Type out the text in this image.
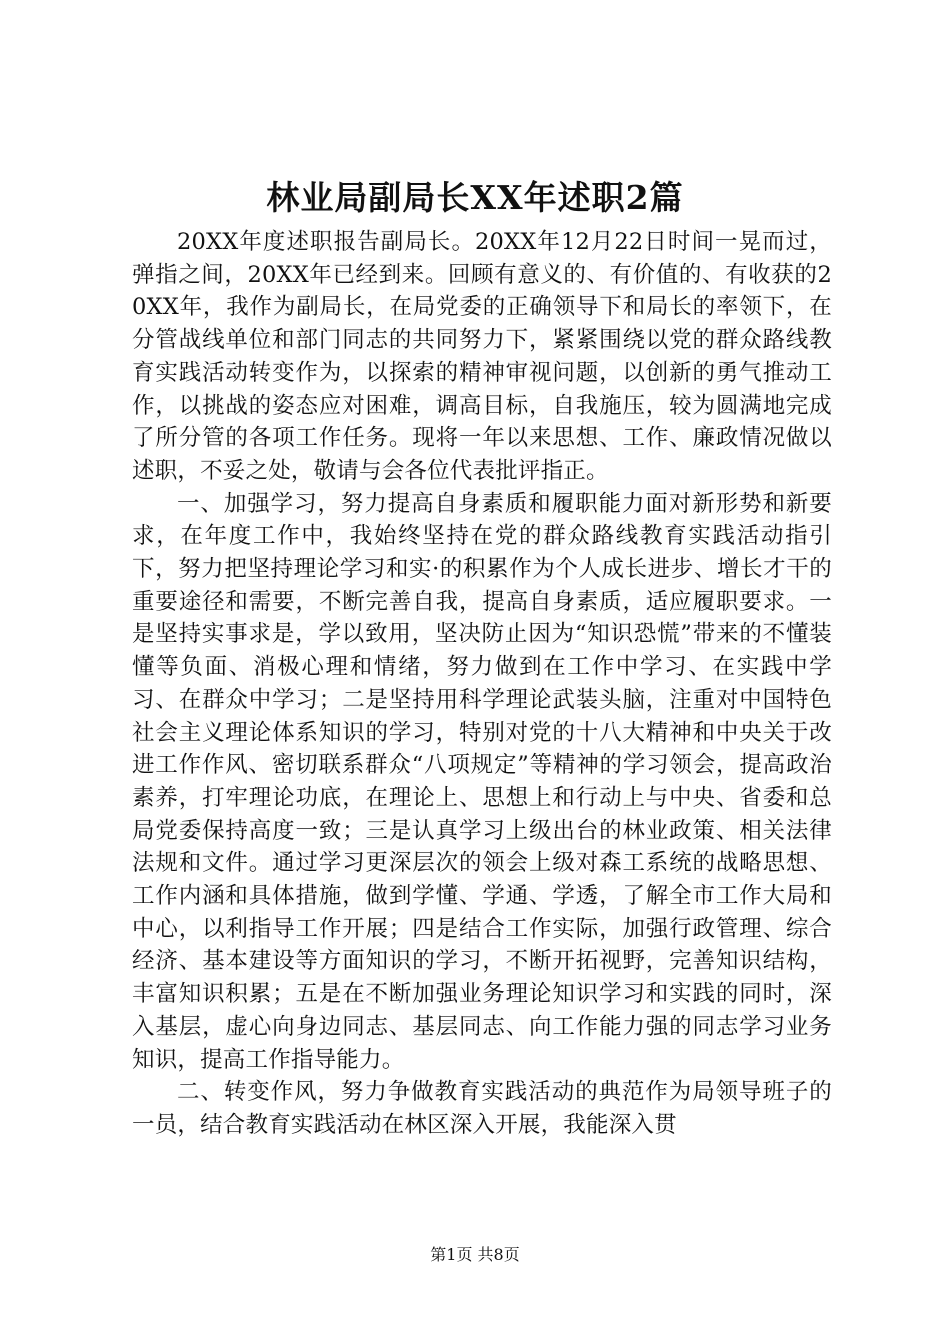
林业局副局长XX年述职2篇

20XX年度述职报告副局长。20XX年12月22日时间一晃而过，弹指之间，20XX年已经到来。回顾有意义的、有价值的、有收获的20XX年，我作为副局长，在局党委的正确领导下和局长的率领下，在分管战线单位和部门同志的共同努力下，紧紧围绕以党的群众路线教育实践活动转变作为，以探索的精神审视问题，以创新的勇气推动工作，以挑战的姿态应对困难，调高目标，自我施压，较为圆满地完成了所分管的各项工作任务。现将一年以来思想、工作、廉政情况做以述职，不妥之处，敬请与会各位代表批评指正。

一、加强学习，努力提高自身素质和履职能力面对新形势和新要求，在年度工作中，我始终坚持在党的群众路线教育实践活动指引下，努力把坚持理论学习和实·的积累作为个人成长进步、增长才干的重要途径和需要，不断完善自我，提高自身素质，适应履职要求。一是坚持实事求是，学以致用，坚决防止因为“知识恐慌”带来的不懂装懂等负面、消极心理和情绪，努力做到在工作中学习、在实践中学习、在群众中学习；二是坚持用科学理论武装头脑，注重对中国特色社会主义理论体系知识的学习，特别对党的十八大精神和中央关于改进工作作风、密切联系群众“八项规定”等精神的学习领会，提高政治素养，打牢理论功底，在理论上、思想上和行动上与中央、省委和总局党委保持高度一致；三是认真学习上级出台的林业政策、相关法律法规和文件。通过学习更深层次的领会上级对森工系统的战略思想、工作内涵和具体措施，做到学懂、学通、学透，了解全市工作大局和中心，以利指导工作开展；四是结合工作实际，加强行政管理、综合经济、基本建设等方面知识的学习，不断开拓视野，完善知识结构，丰富知识积累；五是在不断加强业务理论知识学习和实践的同时，深入基层，虚心向身边同志、基层同志、向工作能力强的同志学习业务知识，提高工作指导能力。

二、转变作风，努力争做教育实践活动的典范作为局领导班子的一员，结合教育实践活动在林区深入开展，我能深入贯

第1页 共8页
